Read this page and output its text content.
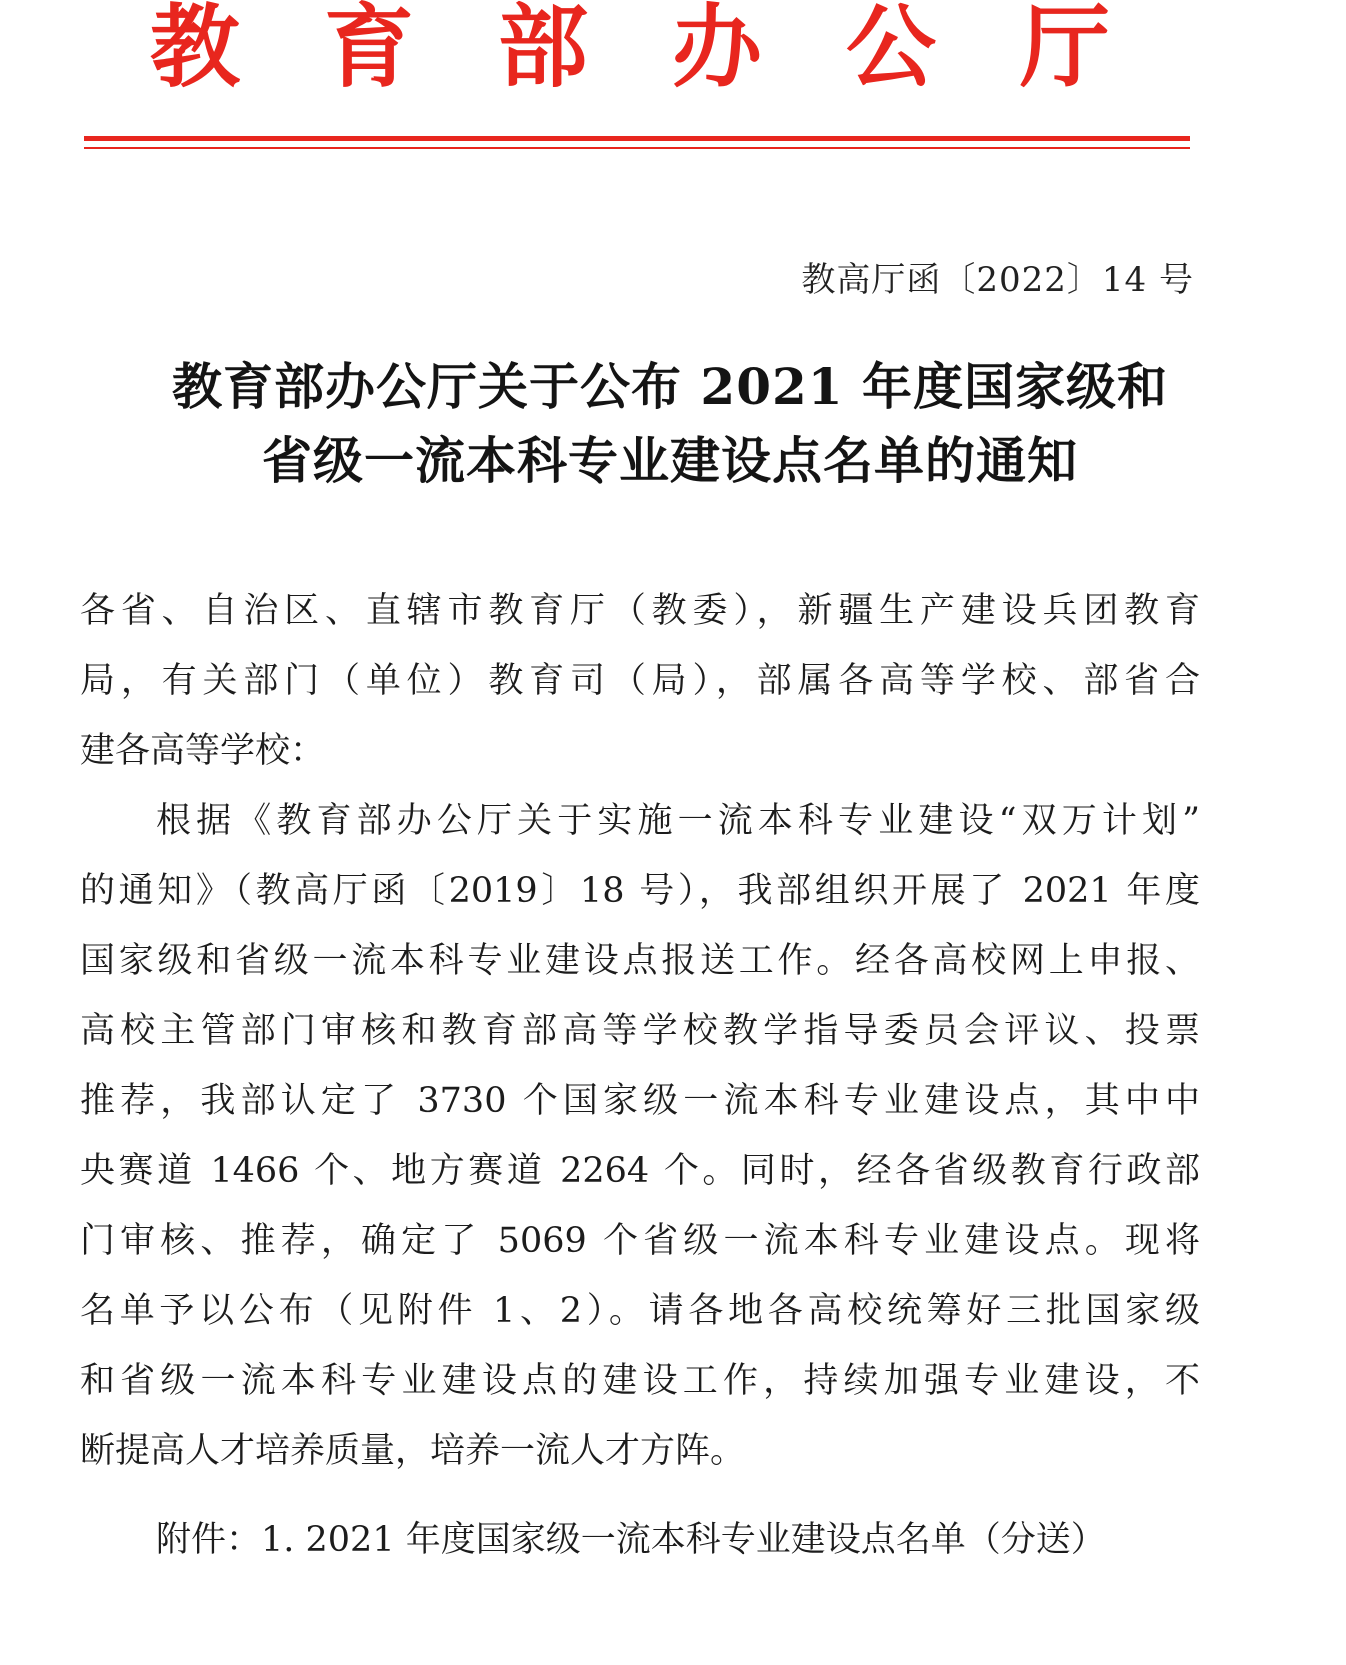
教 育 部 办 公 厅
教高厅函〔2022〕14 号
教育部办公厅关于公布 2021 年度国家级和
省级一流本科专业建设点名单的通知
各省、自治区、直辖市教育厅（教委），新疆生产建设兵团教育
局，有关部门（单位）教育司（局），部属各高等学校、部省合
建各高等学校：
根据《教育部办公厅关于实施一流本科专业建设“双万计划”
的通知》（教高厅函〔2019〕18 号），我部组织开展了 2021 年度
国家级和省级一流本科专业建设点报送工作。经各高校网上申报、
高校主管部门审核和教育部高等学校教学指导委员会评议、投票
推荐，我部认定了 3730 个国家级一流本科专业建设点，其中中
央赛道 1466 个、地方赛道 2264 个。同时，经各省级教育行政部
门审核、推荐，确定了 5069 个省级一流本科专业建设点。现将
名单予以公布（见附件 1、2）。请各地各高校统筹好三批国家级
和省级一流本科专业建设点的建设工作，持续加强专业建设，不
断提高人才培养质量，培养一流人才方阵。
附件：1. 2021 年度国家级一流本科专业建设点名单（分送）
